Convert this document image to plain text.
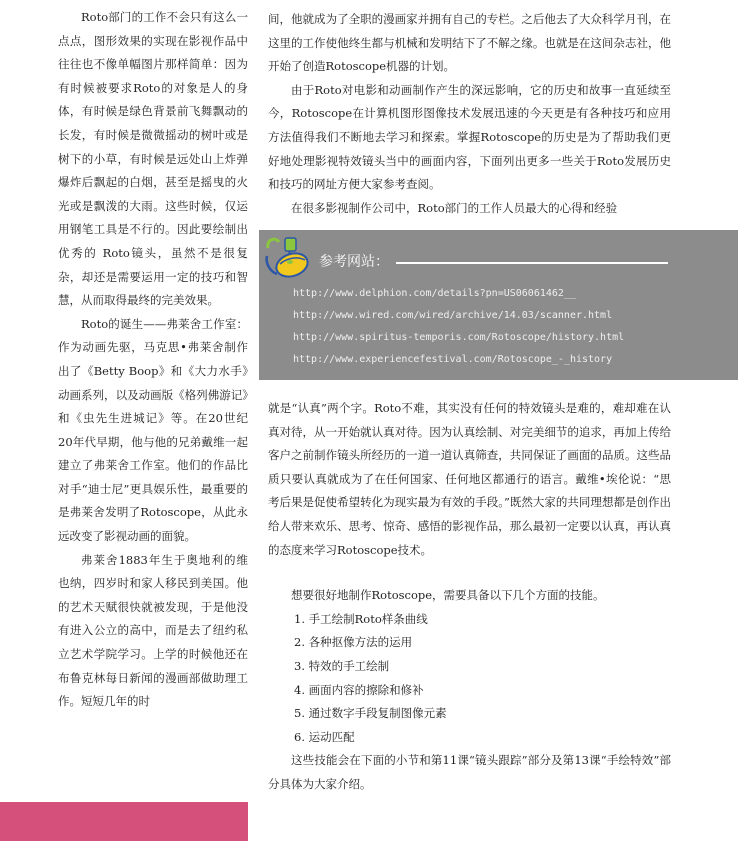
Roto部门的工作不会只有这么一点点，图形效果的实现在影视作品中往往也不像单幅图片那样简单：因为有时候被要求Roto的对象是人的身体，有时候是绿色背景前飞舞飘动的长发，有时候是微微摇动的树叶或是树下的小草，有时候是远处山上炸弹爆炸后飘起的白烟，甚至是摇曳的火光或是飘泼的大雨。这些时候，仅运用钢笔工具是不行的。因此要绘制出优秀的 Roto镜头，虽然不是很复杂，却还是需要运用一定的技巧和智慧，从而取得最终的完美效果。

Roto的诞生——弗莱舍工作室：作为动画先驱，马克思•弗莱舍制作出了《Betty Boop》和《大力水手》动画系列，以及动画版《格列佛游记》和《虫先生进城记》等。在20世纪20年代早期，他与他的兄弟戴维一起建立了弗莱舍工作室。他们的作品比对手“迪士尼”更具娱乐性，最重要的是弗莱舍发明了Rotoscope，从此永远改变了影视动画的面貌。

弗莱舍1883年生于奥地利的维也纳，四岁时和家人移民到美国。他的艺术天赋很快就被发现，于是他没有进入公立的高中，而是去了纽约私立艺术学院学习。上学的时候他还在布鲁克林每日新闻的漫画部做助理工作。短短几年的时

间，他就成为了全职的漫画家并拥有自己的专栏。之后他去了大众科学月刊，在这里的工作使他终生都与机械和发明结下了不解之缘。也就是在这间杂志社，他开始了创造Rotoscope机器的计划。

由于Roto对电影和动画制作产生的深远影响，它的历史和故事一直延续至今，Rotoscope在计算机图形图像技术发展迅速的今天更是有各种技巧和应用方法值得我们不断地去学习和探索。掌握Rotoscope的历史是为了帮助我们更好地处理影视特效镜头当中的画面内容，下面列出更多一些关于Roto发展历史和技巧的网址方便大家参考查阅。

在很多影视制作公司中，Roto部门的工作人员最大的心得和经验

参考网站：
http://www.delphion.com/details?pn=US06061462__
http://www.wired.com/wired/archive/14.03/scanner.html
http://www.spiritus-temporis.com/Rotoscope/history.html
http://www.experiencefestival.com/Rotoscope_-_history

就是“认真”两个字。Roto不难，其实没有任何的特效镜头是难的，难却难在认真对待，从一开始就认真对待。因为认真绘制、对完美细节的追求，再加上传给客户之前制作镜头所经历的一道一道认真筛查，共同保证了画面的品质。这些品质只要认真就成为了在任何国家、任何地区都通行的语言。戴维•埃伦说：“思考后果是促使希望转化为现实最为有效的手段。”既然大家的共同理想都是创作出给人带来欢乐、思考、惊奇、感悟的影视作品，那么最初一定要以认真，再认真的态度来学习Rotoscope技术。

想要很好地制作Rotoscope，需要具备以下几个方面的技能。

1. 手工绘制Roto样条曲线
2. 各种抠像方法的运用
3. 特效的手工绘制
4. 画面内容的擦除和修补
5. 通过数字手段复制图像元素
6. 运动匹配

这些技能会在下面的小节和第11课“镜头跟踪”部分及第13课“手绘特效”部分具体为大家介绍。
